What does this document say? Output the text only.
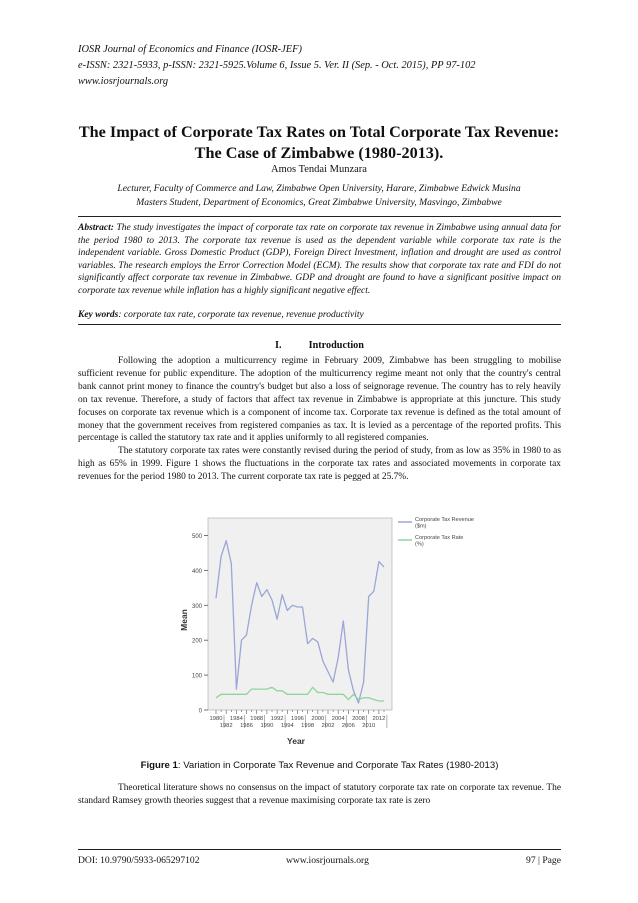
IOSR Journal of Economics and Finance (IOSR-JEF)
e-ISSN: 2321-5933, p-ISSN: 2321-5925.Volume 6, Issue 5. Ver. II (Sep. - Oct. 2015), PP 97-102
www.iosrjournals.org
The Impact of Corporate Tax Rates on Total Corporate Tax Revenue: The Case of Zimbabwe (1980-2013).
Amos Tendai Munzara
Lecturer, Faculty of Commerce and Law, Zimbabwe Open University, Harare, Zimbabwe Edwick Musina
Masters Student, Department of Economics, Great Zimbabwe University, Masvingo, Zimbabwe
Abstract: The study investigates the impact of corporate tax rate on corporate tax revenue in Zimbabwe using annual data for the period 1980 to 2013. The corporate tax revenue is used as the dependent variable while corporate tax rate is the independent variable. Gross Domestic Product (GDP), Foreign Direct Investment, inflation and drought are used as control variables. The research employs the Error Correction Model (ECM). The results show that corporate tax rate and FDI do not significantly affect corporate tax revenue in Zimbabwe. GDP and drought are found to have a significant positive impact on corporate tax revenue while inflation has a highly significant negative effect.
Key words: corporate tax rate, corporate tax revenue, revenue productivity
I.	Introduction

Following the adoption a multicurrency regime in February 2009, Zimbabwe has been struggling to mobilise sufficient revenue for public expenditure. The adoption of the multicurrency regime meant not only that the country's central bank cannot print money to finance the country's budget but also a loss of seignorage revenue. The country has to rely heavily on tax revenue. Therefore, a study of factors that affect tax revenue in Zimbabwe is appropriate at this juncture. This study focuses on corporate tax revenue which is a component of income tax. Corporate tax revenue is defined as the total amount of money that the government receives from registered companies as tax. It is levied as a percentage of the reported profits. This percentage is called the statutory tax rate and it applies uniformly to all registered companies.

The statutory corporate tax rates were constantly revised during the period of study, from as low as 35% in 1980 to as high as 65% in 1999. Figure 1 shows the fluctuations in the corporate tax rates and associated movements in corporate tax revenues for the period 1980 to 2013. The current corporate tax rate is pegged at 25.7%.

0
100
200
300
400
500
1980 1984 1988 1992 1996 2000 2004 2008 2012
1982 1986 1990 1994 1998 2002 2006 2010
Mean
Year
Corporate Tax Revenue ($m)
Corporate Tax Rate (%)
Figure 1: Variation in Corporate Tax Revenue and Corporate Tax Rates (1980-2013)

Theoretical literature shows no consensus on the impact of statutory corporate tax rate on corporate tax revenue. The standard Ramsey growth theories suggest that a revenue maximising corporate tax rate is zero

DOI: 10.9790/5933-065297102	www.iosrjournals.org	97 | Page
